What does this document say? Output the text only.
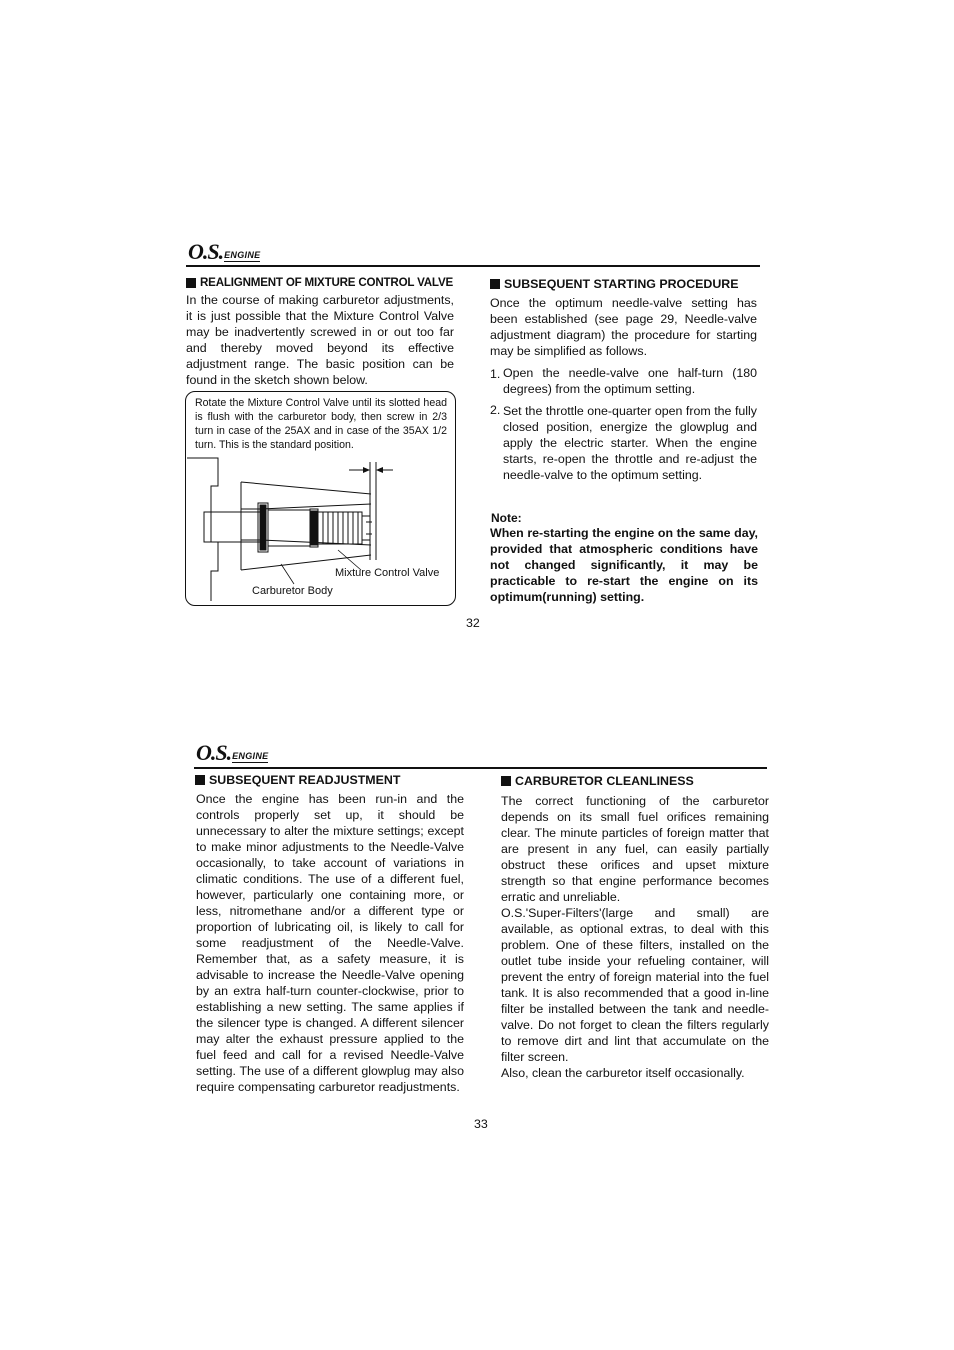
O.S. ENGINE
REALIGNMENT OF MIXTURE CONTROL VALVE

In the course of making carburetor adjustments, it is just possible that the Mixture Control Valve may be inadvertently screwed in or out too far and thereby moved beyond its effective adjustment range. The basic position can be found in the sketch shown below.

Rotate the Mixture Control Valve until its slotted head is flush with the carburetor body, then screw in 2/3 turn in case of the 25AX and in case of the 35AX 1/2 turn. This is the standard position.

Mixture Control Valve
Carburetor Body
SUBSEQUENT STARTING PROCEDURE

Once the optimum needle-valve setting has been established (see page 29, Needle-valve adjustment diagram) the procedure for starting may be simplified as follows.

1. Open the needle-valve one half-turn (180 degrees) from the optimum setting.

2. Set the throttle one-quarter open from the fully closed position, energize the glowplug and apply the electric starter. When the engine starts, re-open the throttle and re-adjust the needle-valve to the optimum setting.

Note:

When re-starting the engine on the same day, provided that atmospheric conditions have not changed significantly, it may be practicable to re-start the engine on its optimum(running) setting.

32
O.S. ENGINE
SUBSEQUENT READJUSTMENT

Once the engine has been run-in and the controls properly set up, it should be unnecessary to alter the mixture settings; except to make minor adjustments to the Needle-Valve occasionally, to take account of variations in climatic conditions. The use of a different fuel, however, particularly one containing more, or less, nitromethane and/or a different type or proportion of lubricating oil, is likely to call for some readjustment of the Needle-Valve. Remember that, as a safety measure, it is advisable to increase the Needle-Valve opening by an extra half-turn counter-clockwise, prior to establishing a new setting. The same applies if the silencer type is changed. A different silencer may alter the exhaust pressure applied to the fuel feed and call for a revised Needle-Valve setting. The use of a different glowplug may also require compensating carburetor readjustments.

CARBURETOR CLEANLINESS

The correct functioning of the carburetor depends on its small fuel orifices remaining clear. The minute particles of foreign matter that are present in any fuel, can easily partially obstruct these orifices and upset mixture strength so that engine performance becomes erratic and unreliable.

O.S.'Super-Filters'(large and small) are available, as optional extras, to deal with this problem. One of these filters, installed on the outlet tube inside your refueling container, will prevent the entry of foreign material into the fuel tank. It is also recommended that a good in-line filter be installed between the tank and needle-valve. Do not forget to clean the filters regularly to remove dirt and lint that accumulate on the filter screen.

Also, clean the carburetor itself occasionally.

33
